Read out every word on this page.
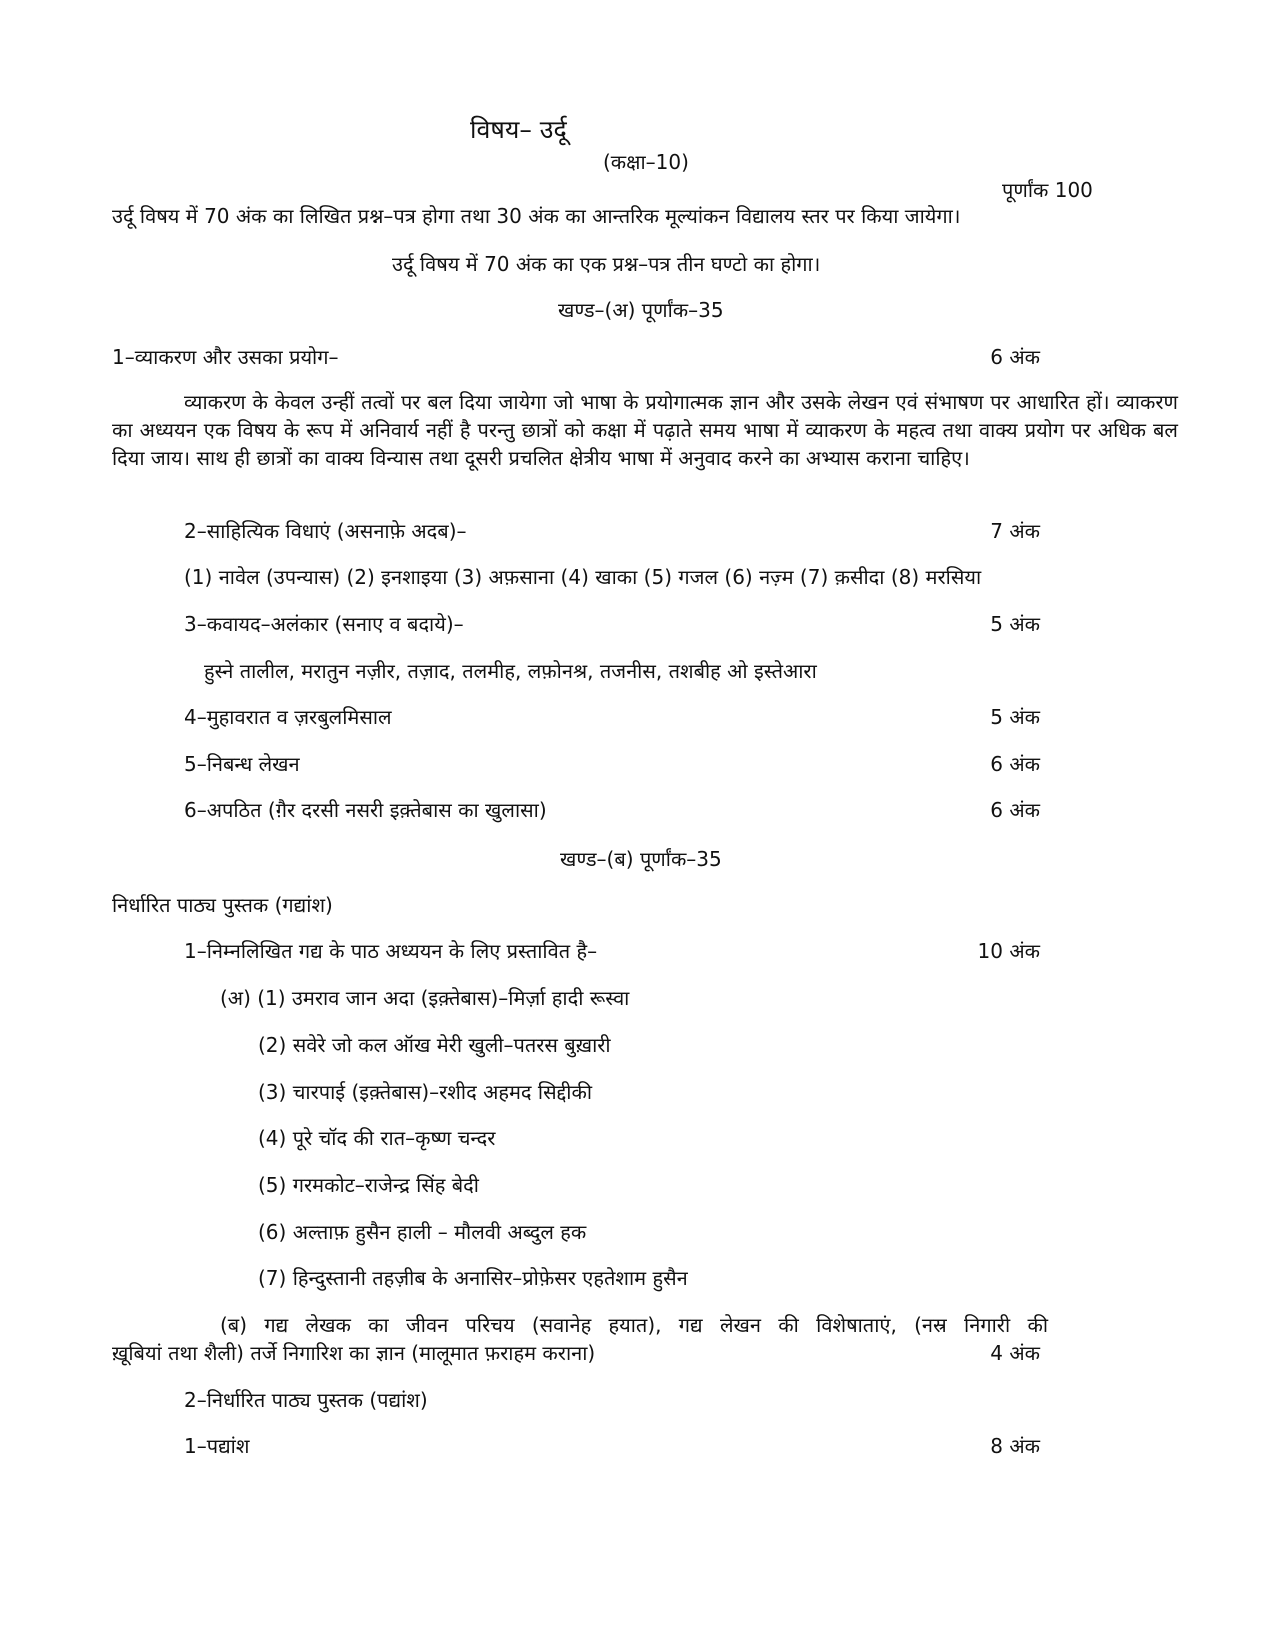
विषय– उर्दू
(कक्षा–10)
पूर्णांक 100
उर्दू विषय में 70 अंक का लिखित प्रश्न–पत्र होगा तथा 30 अंक का आन्तरिक मूल्यांकन विद्यालय स्तर पर किया जायेगा।
उर्दू विषय में 70 अंक का एक प्रश्न–पत्र तीन घण्टो का होगा।
खण्ड–(अ) पूर्णांक–35
1–व्याकरण और उसका प्रयोग–	6 अंक
व्याकरण के केवल उन्हीं तत्वों पर बल दिया जायेगा जो भाषा के प्रयोगात्मक ज्ञान और उसके लेखन एवं संभाषण पर आधारित हों। व्याकरण का अध्ययन एक विषय के रूप में अनिवार्य नहीं है परन्तु छात्रों को कक्षा में पढ़ाते समय भाषा में व्याकरण के महत्व तथा वाक्य प्रयोग पर अधिक बल दिया जाय। साथ ही छात्रों का वाक्य विन्यास तथा दूसरी प्रचलित क्षेत्रीय भाषा में अनुवाद करने का अभ्यास कराना चाहिए।
2–साहित्यिक विधाएं (असनाफ़े अदब)–	7 अंक
(1) नावेल (उपन्यास) (2) इनशाइया (3) अफ़साना (4) खाका (5) गजल (6) नज़्म (7) क़सीदा (8) मरसिया
3–कवायद–अलंकार (सनाए व बदाये)–	5 अंक
हुस्ने तालील, मरातुन नज़ीर, तज़ाद, तलमीह, लफ़ोनश्र, तजनीस, तशबीह ओ इस्तेआरा
4–मुहावरात व ज़रबुलमिसाल	5 अंक
5–निबन्ध लेखन	6 अंक
6–अपठित (ग़ैर दरसी नसरी इक़्तेबास का खुलासा)	6 अंक
खण्ड–(ब) पूर्णांक–35
निर्धारित पाठ्य पुस्तक (गद्यांश)
1–निम्नलिखित गद्य के पाठ अध्ययन के लिए प्रस्तावित है–	10 अंक
(अ) (1) उमराव जान अदा (इक़्तेबास)–मिर्ज़ा हादी रूस्वा
(2) सवेरे जो कल ऑख मेरी खुली–पतरस बुख़ारी
(3) चारपाई (इक़्तेबास)–रशीद अहमद सिद्दीकी
(4) पूरे चॉद की रात–कृष्ण चन्दर
(5) गरमकोट–राजेन्द्र सिंह बेदी
(6) अल्ताफ़ हुसैन हाली – मौलवी अब्दुल हक
(7) हिन्दुस्तानी तहज़ीब के अनासिर–प्रोफ़ेसर एहतेशाम हुसैन
(ब) गद्य लेखक का जीवन परिचय (सवानेह हयात), गद्य लेखन की विशेषाताएं, (नस्र निगारी की
ख़ूबियां तथा शैली) तर्जे निगारिश का ज्ञान (मालूमात फ़राहम कराना)	4 अंक
2–निर्धारित पाठ्य पुस्तक (पद्यांश)
1–पद्यांश	8 अंक
